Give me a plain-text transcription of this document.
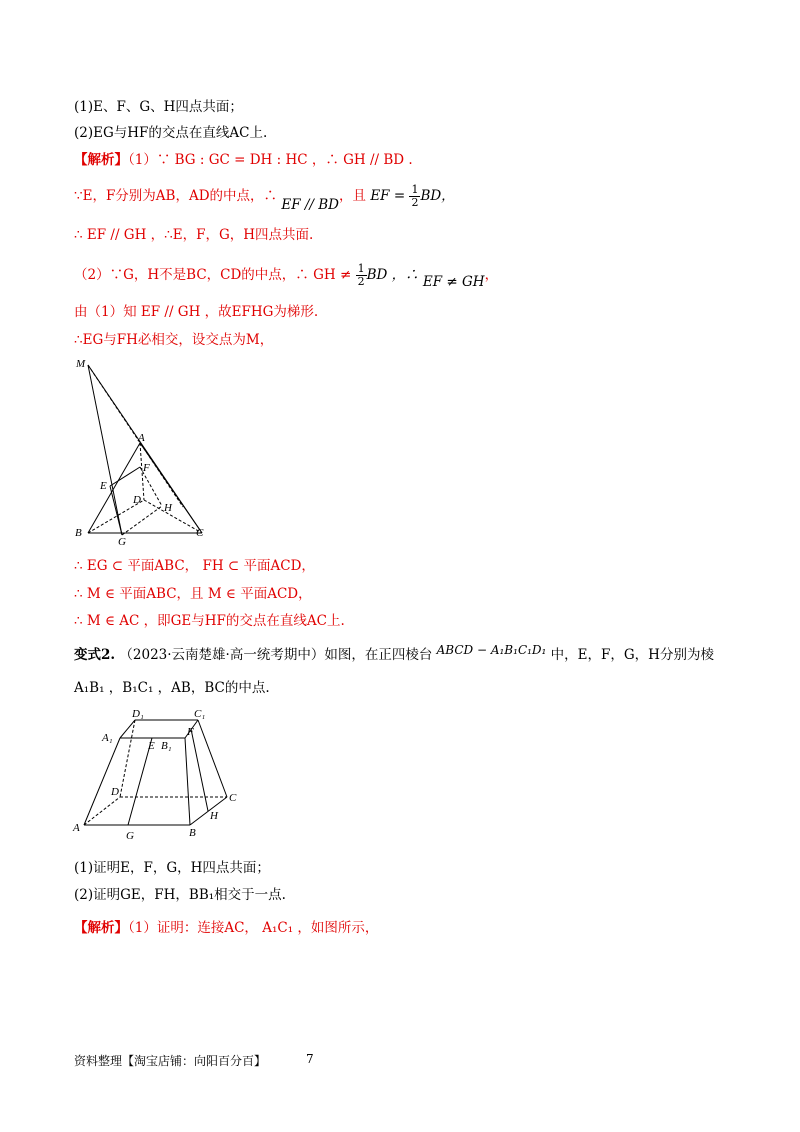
(1)E、F、G、H四点共面；
(2)EG与HF的交点在直线AC上.
【解析】（1）∵ BG : GC = DH : HC ，∴ GH // BD .
∵E，F分别为AB，AD的中点，∴ EF // BD，且 EF = $\frac{1}{2}$ BD，
∴ EF // GH ，∴E，F，G，H四点共面.
（2）∵G，H不是BC，CD的中点，∴ GH ≠ $\frac{1}{2}$ BD ，∴ EF ≠ GH，
由（1）知 EF // GH ，故EFHG为梯形.
∴EG与FH必相交，设交点为M，
M
A
F
E
D
H
B
G
C
∴ EG ⊂ 平面ABC， FH ⊂ 平面ACD，
∴ M ∈ 平面ABC，且 M ∈ 平面ACD，
∴ M ∈ AC ，即GE与HF的交点在直线AC上.
变式2. （2023·云南楚雄·高一统考期中）如图，在正四棱台 ABCD − A₁B₁C₁D₁ 中，E，F，G，H分别为棱
A₁B₁ ，B₁C₁ ，AB，BC的中点.
D₁	C₁
A₁
E B₁
F
D	C
H
A
G	B
(1)证明E，F，G，H四点共面；
(2)证明GE，FH，BB₁相交于一点.
【解析】（1）证明：连接AC， A₁C₁ ，如图所示，
资料整理【淘宝店铺：向阳百分百】	7
